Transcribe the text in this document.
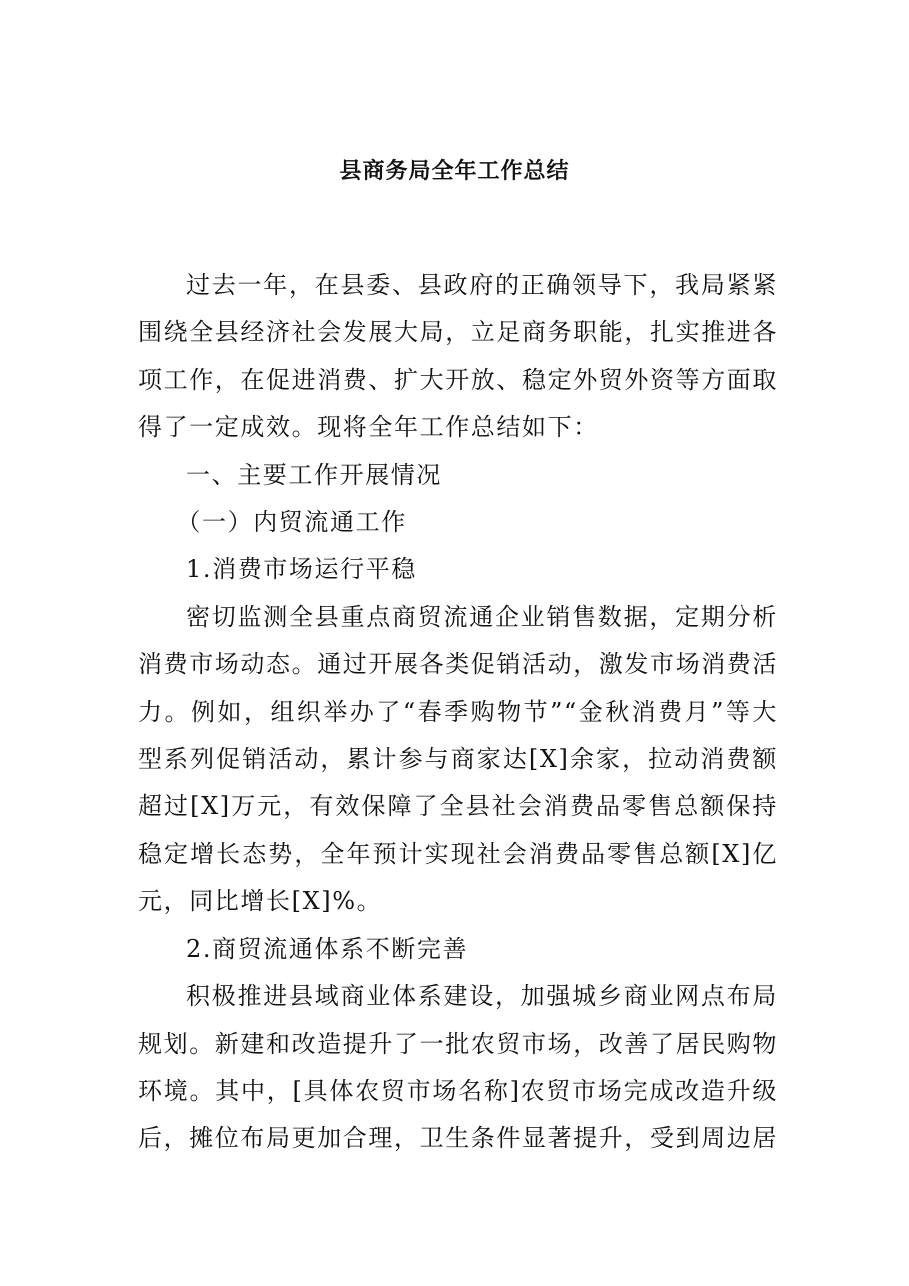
县商务局全年工作总结

过去一年，在县委、县政府的正确领导下，我局紧紧围绕全县经济社会发展大局，立足商务职能，扎实推进各项工作，在促进消费、扩大开放、稳定外贸外资等方面取得了一定成效。现将全年工作总结如下：

一、主要工作开展情况

（一）内贸流通工作

1.消费市场运行平稳

密切监测全县重点商贸流通企业销售数据，定期分析消费市场动态。通过开展各类促销活动，激发市场消费活力。例如，组织举办了“春季购物节”“金秋消费月”等大型系列促销活动，累计参与商家达[X]余家，拉动消费额超过[X]万元，有效保障了全县社会消费品零售总额保持稳定增长态势，全年预计实现社会消费品零售总额[X]亿元，同比增长[X]%。

2.商贸流通体系不断完善

积极推进县域商业体系建设，加强城乡商业网点布局规划。新建和改造提升了一批农贸市场，改善了居民购物环境。其中，[具体农贸市场名称]农贸市场完成改造升级后，摊位布局更加合理，卫生条件显著提升，受到周边居
